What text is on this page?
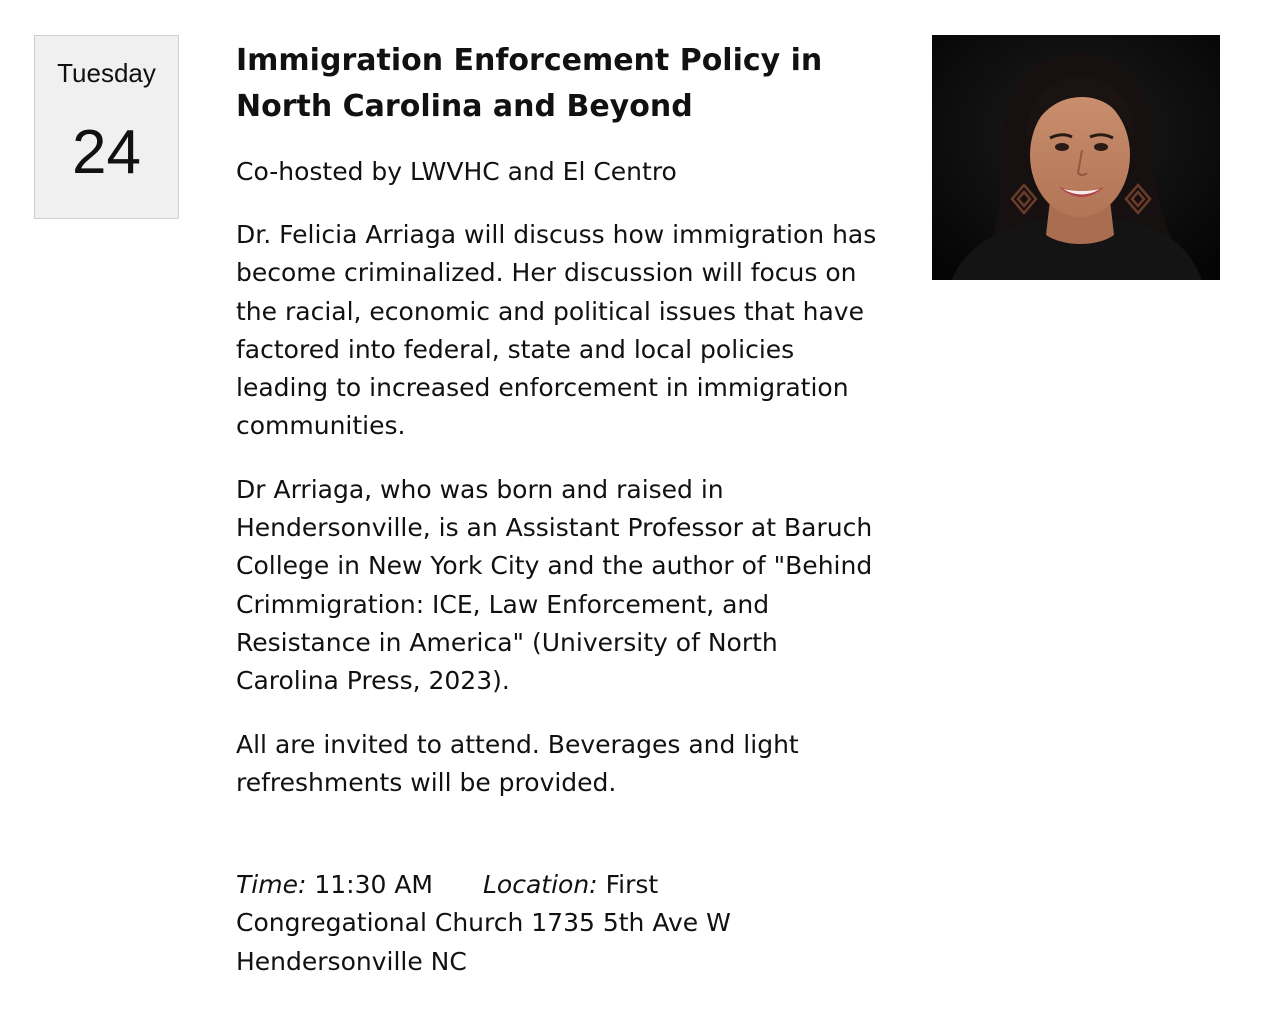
Tuesday
24
Immigration Enforcement Policy in North Carolina and Beyond

Co-hosted by LWVHC and El Centro

Dr. Felicia Arriaga will discuss how immigration has become criminalized. Her discussion will focus on the racial, economic and political issues that have factored into federal, state and local policies leading to increased enforcement in immigration communities.

Dr Arriaga, who was born and raised in Hendersonville, is an Assistant Professor at Baruch College in New York City and the author of "Behind Crimmigration: ICE, Law Enforcement, and Resistance in America" (University of North Carolina Press, 2023).

All are invited to attend. Beverages and light refreshments will be provided.

Time: 11:30 AM Location: First Congregational Church 1735 5th Ave W Hendersonville NC
